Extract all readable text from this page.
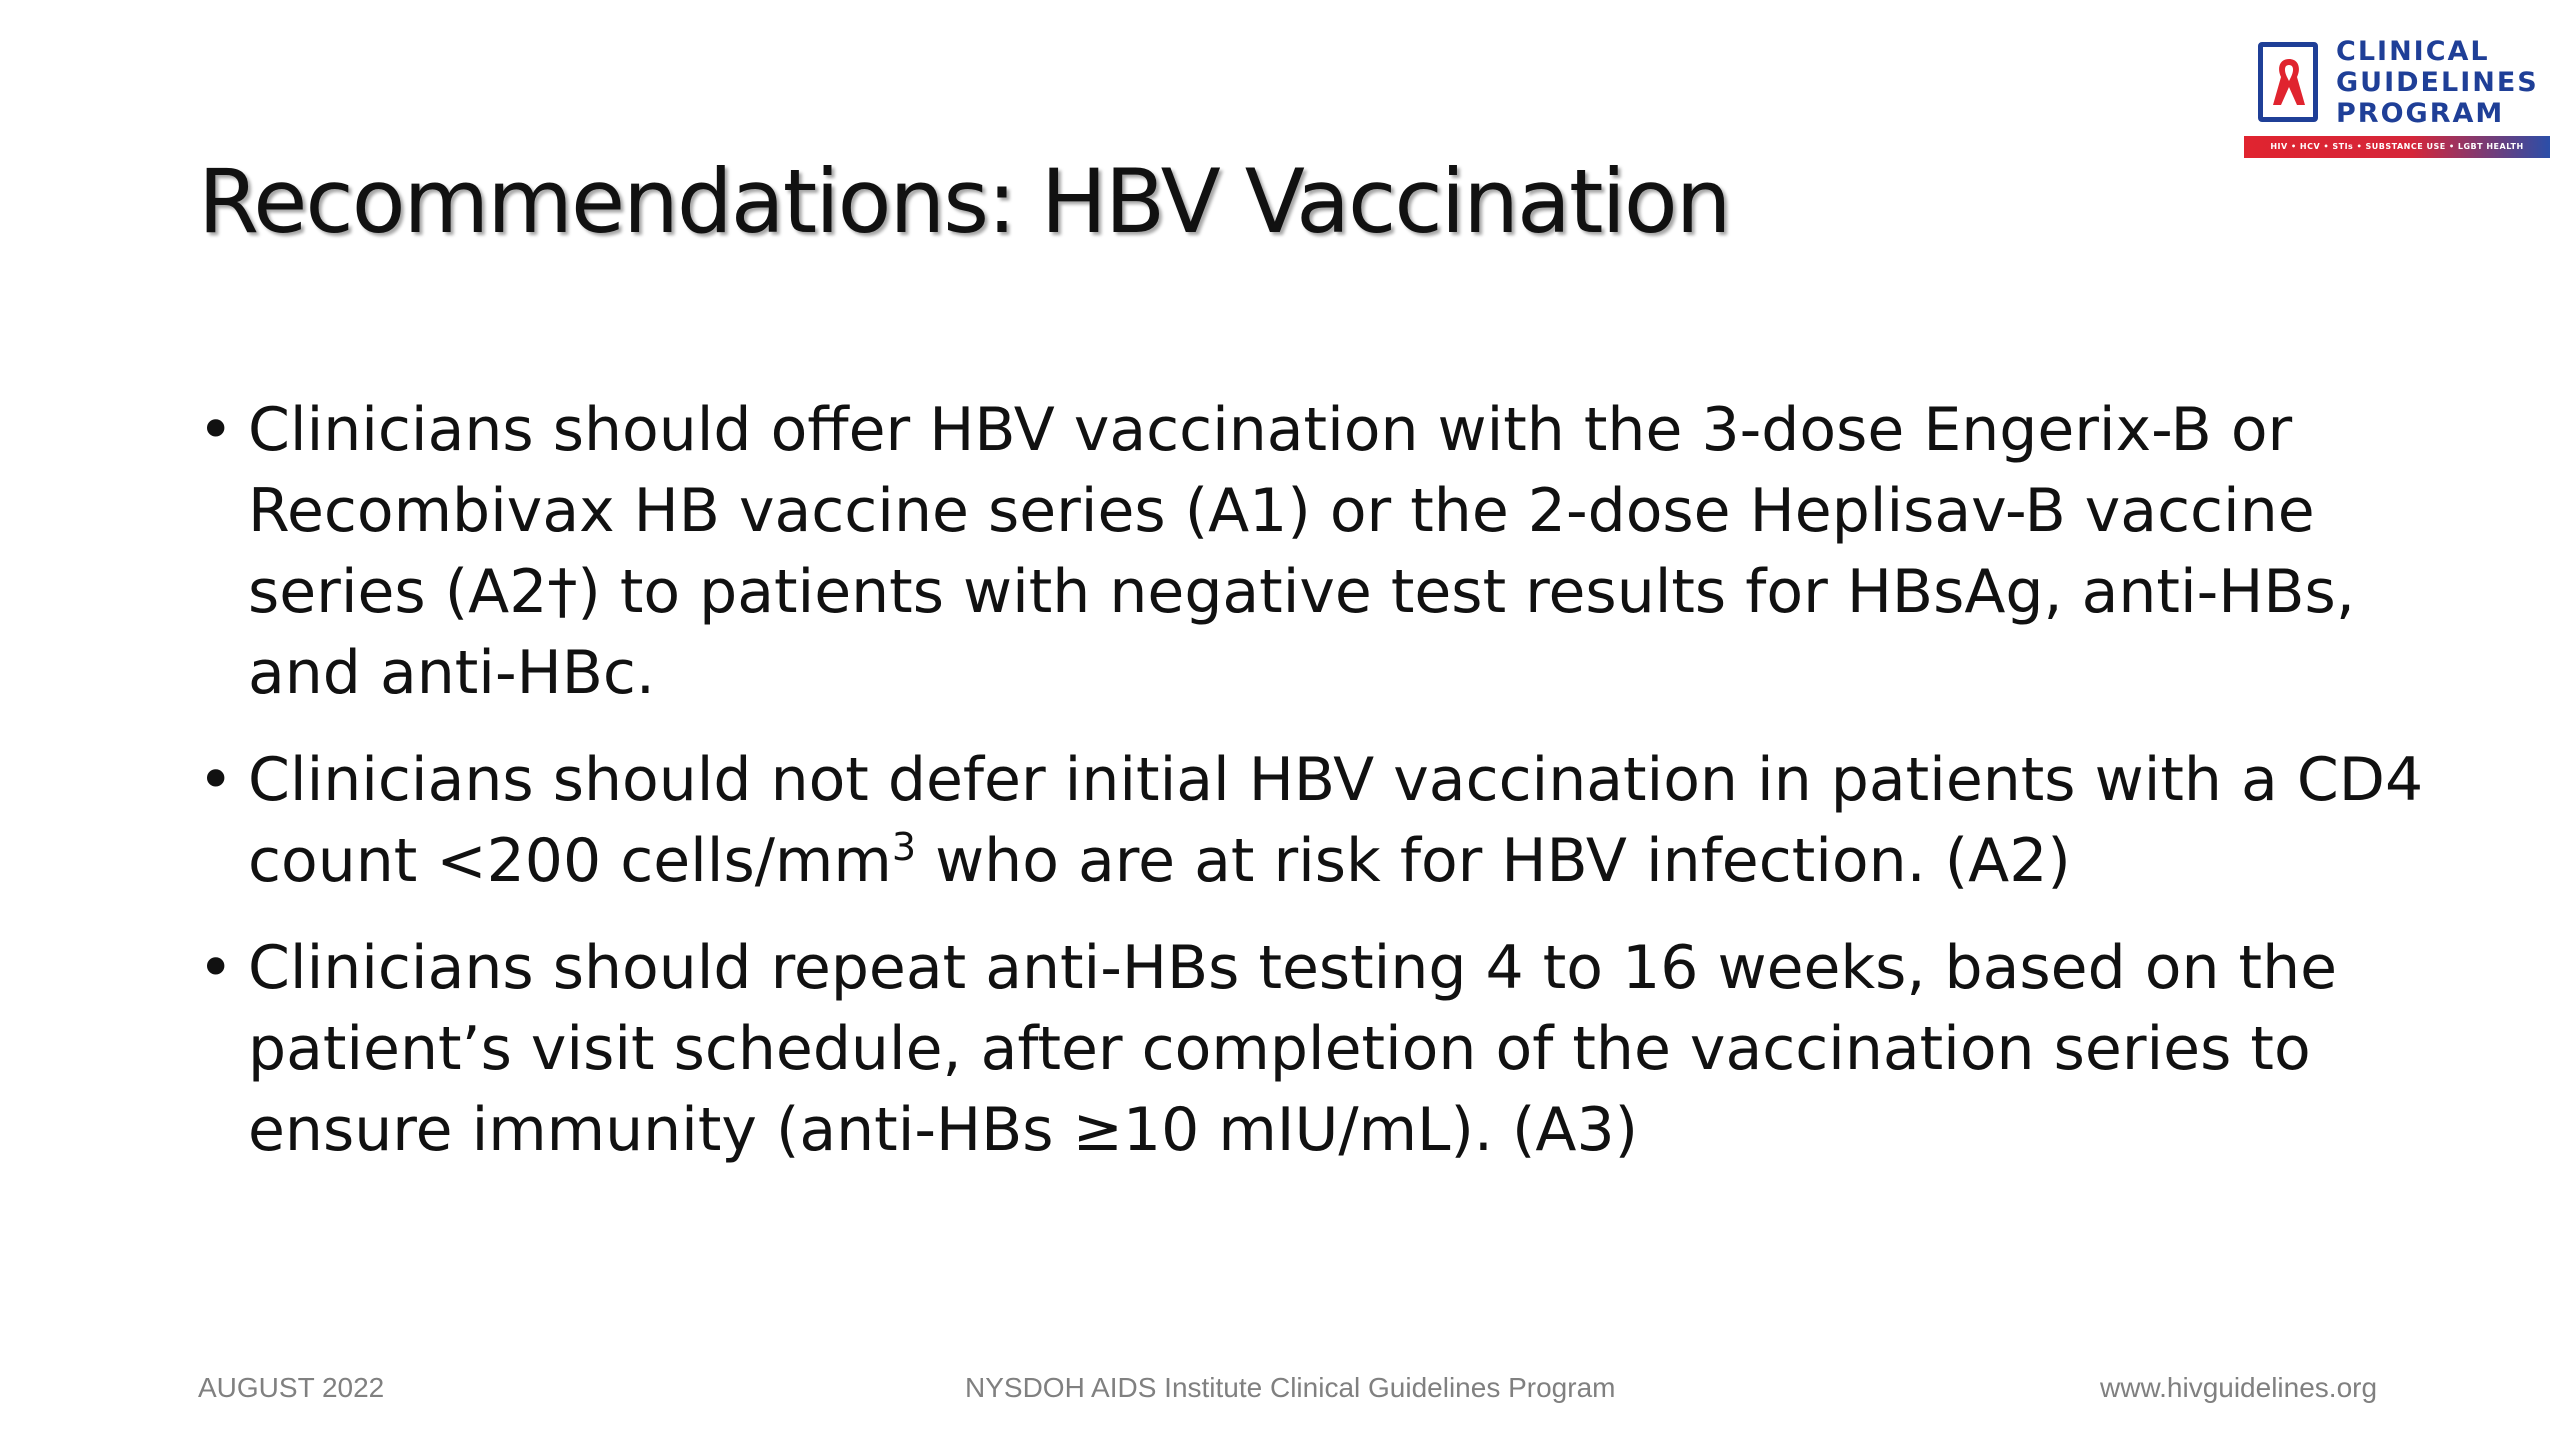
CLINICAL
GUIDELINES
PROGRAM
HIV • HCV • STIs • SUBSTANCE USE • LGBT HEALTH
Recommendations: HBV Vaccination
• Clinicians should offer HBV vaccination with the 3-dose Engerix-B or Recombivax HB vaccine series (A1) or the 2-dose Heplisav-B vaccine series (A2†) to patients with negative test results for HBsAg, anti-HBs, and anti-HBc.
• Clinicians should not defer initial HBV vaccination in patients with a CD4 count <200 cells/$mm^3$ who are at risk for HBV infection. (A2)
• Clinicians should repeat anti-HBs testing 4 to 16 weeks, based on the patient’s visit schedule, after completion of the vaccination series to ensure immunity (anti-HBs ≥10 mIU/mL). (A3)
AUGUST 2022	NYSDOH AIDS Institute Clinical Guidelines Program	www.hivguidelines.org
